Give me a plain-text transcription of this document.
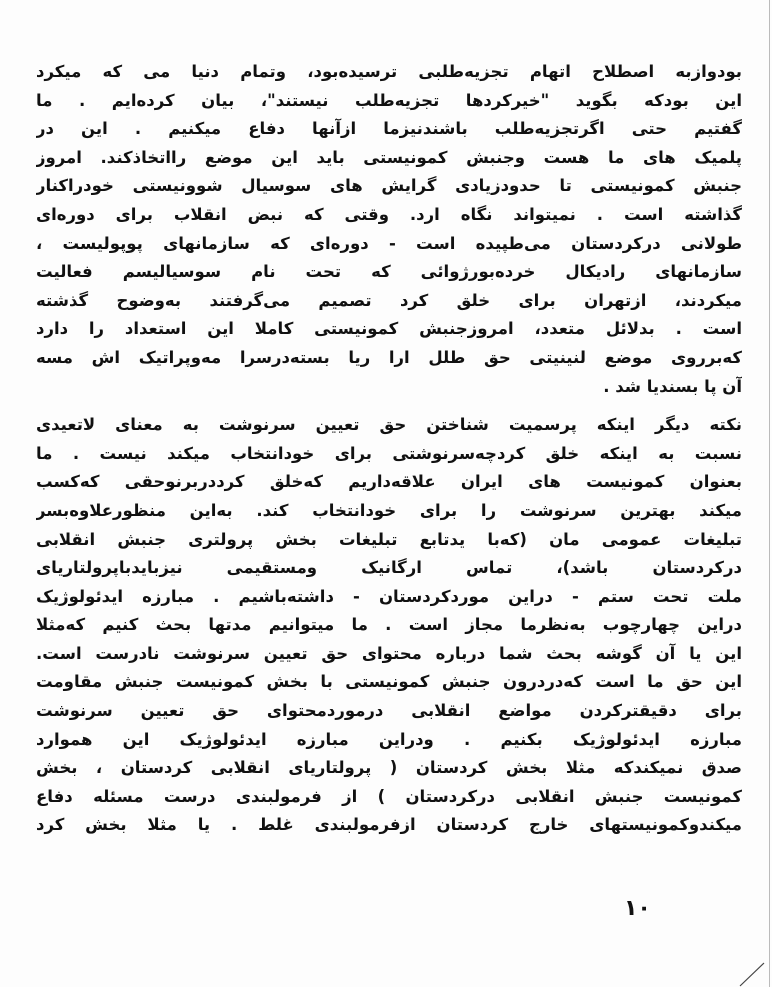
بودوازبه اصطلاح اتهام تجزیه‌طلبی ترسیده‌بود، وتمام دنیا می که میکرد
این بودکه بگوید "خیرکردها تجزیه‌طلب نیستند"، بیان کرده‌ایم . ما
گفتیم حتی اگرتجزیه‌طلب باشندنیزما ازآنها دفاع میکنیم . این در
پلمیک های ما هست وجنبش کمونیستی باید این موضع رااتخاذکند. امروز
جنبش کمونیستی تا حدودزیادی گرایش های سوسیال شوونیستی خودراکنار
گذاشته است . نمیتواند نگاه ارد. وقتی که نبض انقلاب برای دوره‌ای
طولانی درکردستان می‌طپیده است - دوره‌ای که سازمانهای پوپولیست ،
سازمانهای رادیکال خرده‌بورژوائی که تحت نام سوسیالیسم فعالیت
میکردند، ازتهران برای خلق کرد تصمیم می‌گرفتند به‌وضوح گذشته
است . بدلائل متعدد، امروزجنبش کمونیستی کاملا این استعداد را دارد
که‌برروی موضع لنینیتی حق طلل ارا ریا بسته‌درسرا مه‌وپراتیک اش مسه
آن پا بسندیا شد .
نکته دیگر اینکه پرسمیت شناختن حق تعیین سرنوشت به معنای لاتعیدی
نسبت به اینکه خلق کردچه‌سرنوشتی برای خودانتخاب میکند نیست . ما
بعنوان کمونیست های ایران علاقه‌داریم که‌خلق کرددربرنوحقی که‌کسب
میکند بهترین سرنوشت را برای خودانتخاب کند. به‌این منظورعلاوه‌بسر
تبلیغات عمومی مان (که‌با یدتابع تبلیغات بخش پرولتری جنبش انقلابی
درکردستان باشد)، تماس ارگانیک ومستقیمی نیزبایدباپرولتاریای
ملت تحت ستم - دراین موردکردستان - داشته‌باشیم . مبارزه ایدئولوژیک
دراین چهارچوب به‌نظرما مجاز است . ما میتوانیم مدتها بحث کنیم که‌مثلا
این یا آن گوشه بحث شما درباره محتوای حق تعیین سرنوشت نادرست است.
این حق ما است که‌دردرون جنبش کمونیستی با بخش کمونیست جنبش مقاومت
برای دقیقترکردن مواضع انقلابی درموردمحتوای حق تعیین سرنوشت
مبارزه ایدئولوژیک بکنیم . ودراین مبارزه ایدئولوژیک این هموارد
صدق نمیکندکه مثلا بخش کردستان ( پرولتاریای انقلابی کردستان ، بخش
کمونیست جنبش انقلابی درکردستان ) از فرمولبندی درست مسئله دفاع
میکندوکمونیستهای خارج کردستان ازفرمولبندی غلط . یا مثلا بخش کرد
۱۰
